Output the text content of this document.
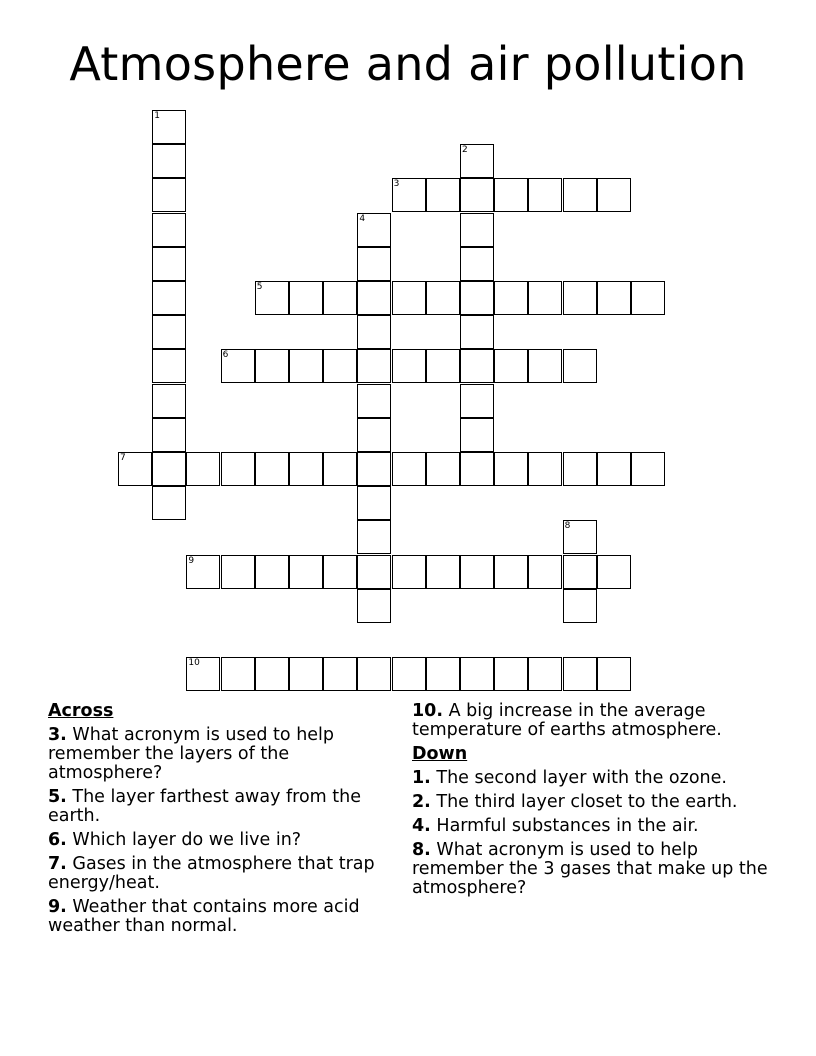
Atmosphere and air pollution
1
2
3
4
5
6
7
8
9
10
Across
3. What acronym is used to help remember the layers of the atmosphere?
5. The layer farthest away from the earth.
6. Which layer do we live in?
7. Gases in the atmosphere that trap energy/heat.
9. Weather that contains more acid weather than normal.
10. A big increase in the average temperature of earths atmosphere.
Down
1. The second layer with the ozone.
2. The third layer closet to the earth.
4. Harmful substances in the air.
8. What acronym is used to help remember the 3 gases that make up the atmosphere?
